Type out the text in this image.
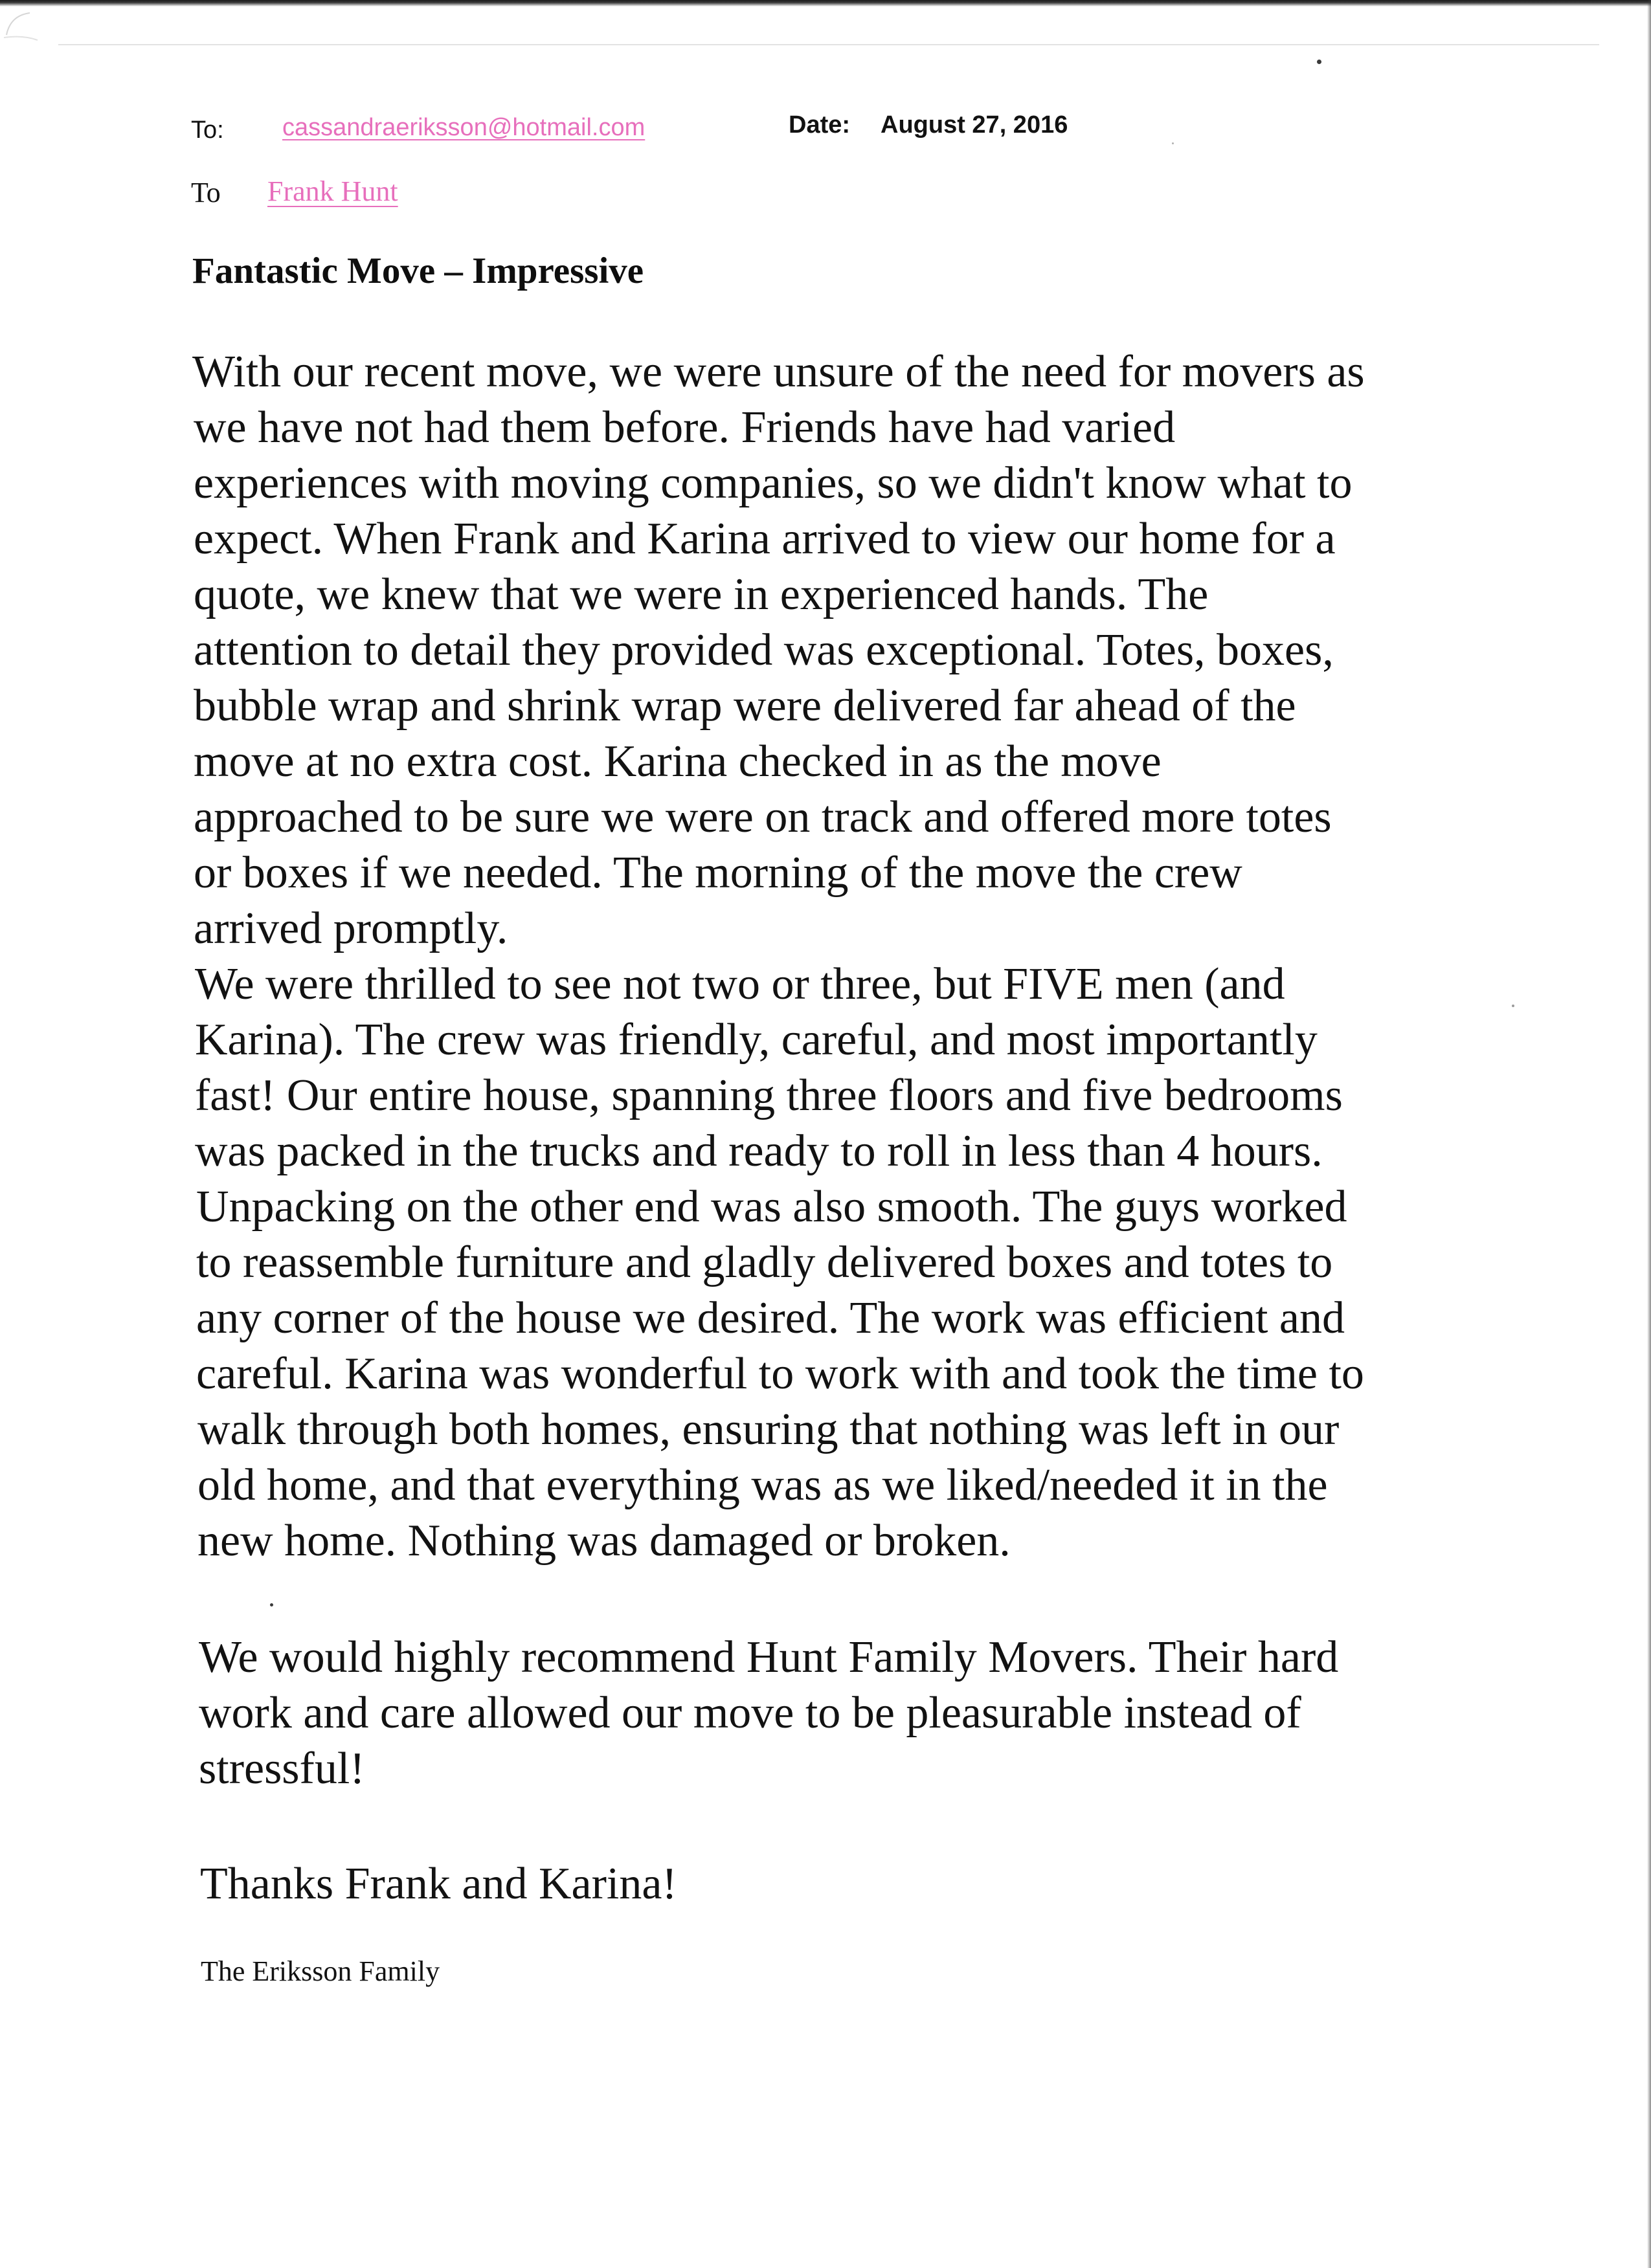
To: cassandraeriksson@hotmail.com	Date: August 27, 2016
To Frank Hunt
Fantastic Move – Impressive
With our recent move, we were unsure of the need for movers as
we have not had them before. Friends have had varied
experiences with moving companies, so we didn't know what to
expect. When Frank and Karina arrived to view our home for a
quote, we knew that we were in experienced hands. The
attention to detail they provided was exceptional. Totes, boxes,
bubble wrap and shrink wrap were delivered far ahead of the
move at no extra cost. Karina checked in as the move
approached to be sure we were on track and offered more totes
or boxes if we needed. The morning of the move the crew
arrived promptly.
We were thrilled to see not two or three, but FIVE men (and
Karina). The crew was friendly, careful, and most importantly
fast! Our entire house, spanning three floors and five bedrooms
was packed in the trucks and ready to roll in less than 4 hours.
Unpacking on the other end was also smooth. The guys worked
to reassemble furniture and gladly delivered boxes and totes to
any corner of the house we desired. The work was efficient and
careful. Karina was wonderful to work with and took the time to
walk through both homes, ensuring that nothing was left in our
old home, and that everything was as we liked/needed it in the
new home. Nothing was damaged or broken.
We would highly recommend Hunt Family Movers. Their hard
work and care allowed our move to be pleasurable instead of
stressful!
Thanks Frank and Karina!
The Eriksson Family
